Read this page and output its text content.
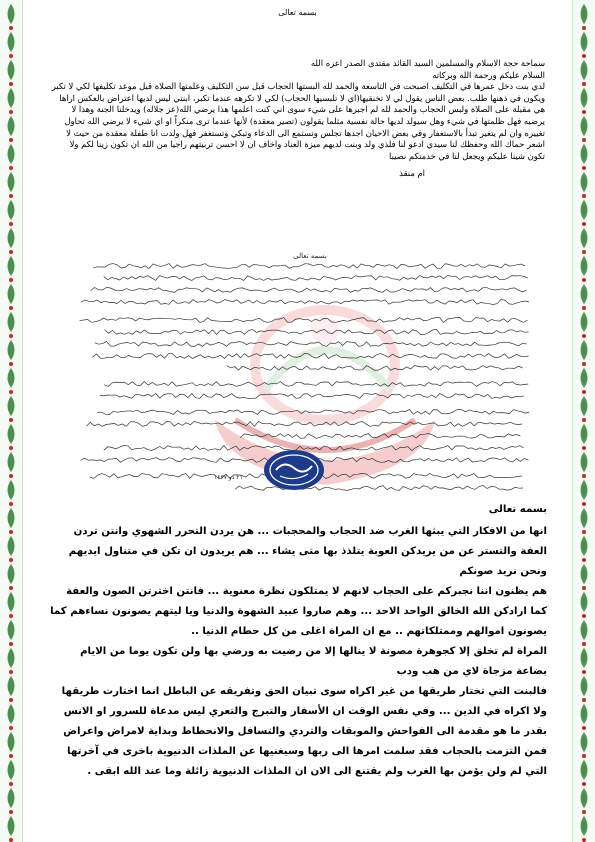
بسمه تعالى

سماحة حجة الاسلام والمسلمين السيد القائد مقتدى الصدر اعزه الله

السلام عليكم ورحمة الله وبركاته

لدي بنت دخل عمرها في التكليف اصبحت في التاسعة والحمد لله البستها الحجاب قبل سن التكليف وعلمتها الصلاة قبل موعد تكليفها لكي لا تكبر ويكون في ذهنها طلب. بعض الناس يقول لي لا تخنقيها(اي لا تلبسيها الحجاب) لكي لا تكرهه عندما تكبر، ابنتي ليس لديها اعتراض بالعكس اراها هي مقبلة على الصلاة ولبس الحجاب والحمد لله لم اجبرها على شيء سوى اني كنت اعلمها هذا يرضي الله(عز جلاله) ويدخلنا الجنة وهذا لا يرضيه فهل ظلمتها في شيء وهل سيولد لديها حالة نفسية مثلما يقولون (تصير معقدة) لأنها عندما ترى منكراً او اي شيء لا يرضي الله تحاول تغييره وان لم يتغير تبدأ بالاستغفار وفي بعض الاحيان اجدها تجلس وتستمع الى الدعاء وتبكي وتستغفر فهل ولدت انا طفلة معقدة من حيث لا اشعر حماك الله وحفظك لنا سيدي ادعو لنا فلذي ولد وبنت لديهم ميزة العناد واخاف ان لا احسن تربيتهم راجيا من الله ان تكون زينا لكم ولا تكون شينا عليكم ويجعل لنا في خدمتكم نصيبا

ام منقذ

بسمه تعالى
٢١ ذو ١٤٣٧

بسمه تعالى

انها من الافكار التي يبثها الغرب ضد الحجاب والمحجبات ... هن يردن التحرر الشهوي وانتن تردن العفة والتستر عن من يريدكن العوبة يتلذذ بها متى يشاء ... هم يريدون ان تكن في متناول ايديهم ونحن نريد صونكم

هم يظنون اننا نجبركم على الحجاب لانهم لا يمتلكون نظرة معنوية ... فانتن اخترتن الصون والعفة كما ارادكن الله الخالق الواحد الاحد ... وهم صاروا عبيد الشهوة والدنيا ويا ليتهم يصونون نساءهم كما يصونون اموالهم وممتلكاتهم .. مع ان المراة اغلى من كل حطام الدنيا ..

المراة لم تخلق إلا كجوهرة مصونة لا ينالها إلا من رضيت به ورضي بها ولن تكون يوما من الايام بضاعة مزجاة لاي من هب ودب

فالبنت التي تختار طريقها من غير اكراه سوى تبيان الحق وتفريقه عن الباطل انما اختارت طريقها ولا اكراه في الدين ... وفي نفس الوقت ان الأسفار والتبرج والتعري ليس مدعاة للسرور او الانس بقدر ما هو مقدمة الى الفواحش والموبقات والتردي والتسافل والانحطاط وبداية لامراض واعراض فمن التزمت بالحجاب فقد سلمت امرها الى ربها وسيغنيها عن الملذات الدنيوية باخرى في آخرتها التي لم ولن يؤمن بها الغرب ولم يقتنع الى الان ان الملذات الدنيوية زائلة وما عند الله ابقى .
